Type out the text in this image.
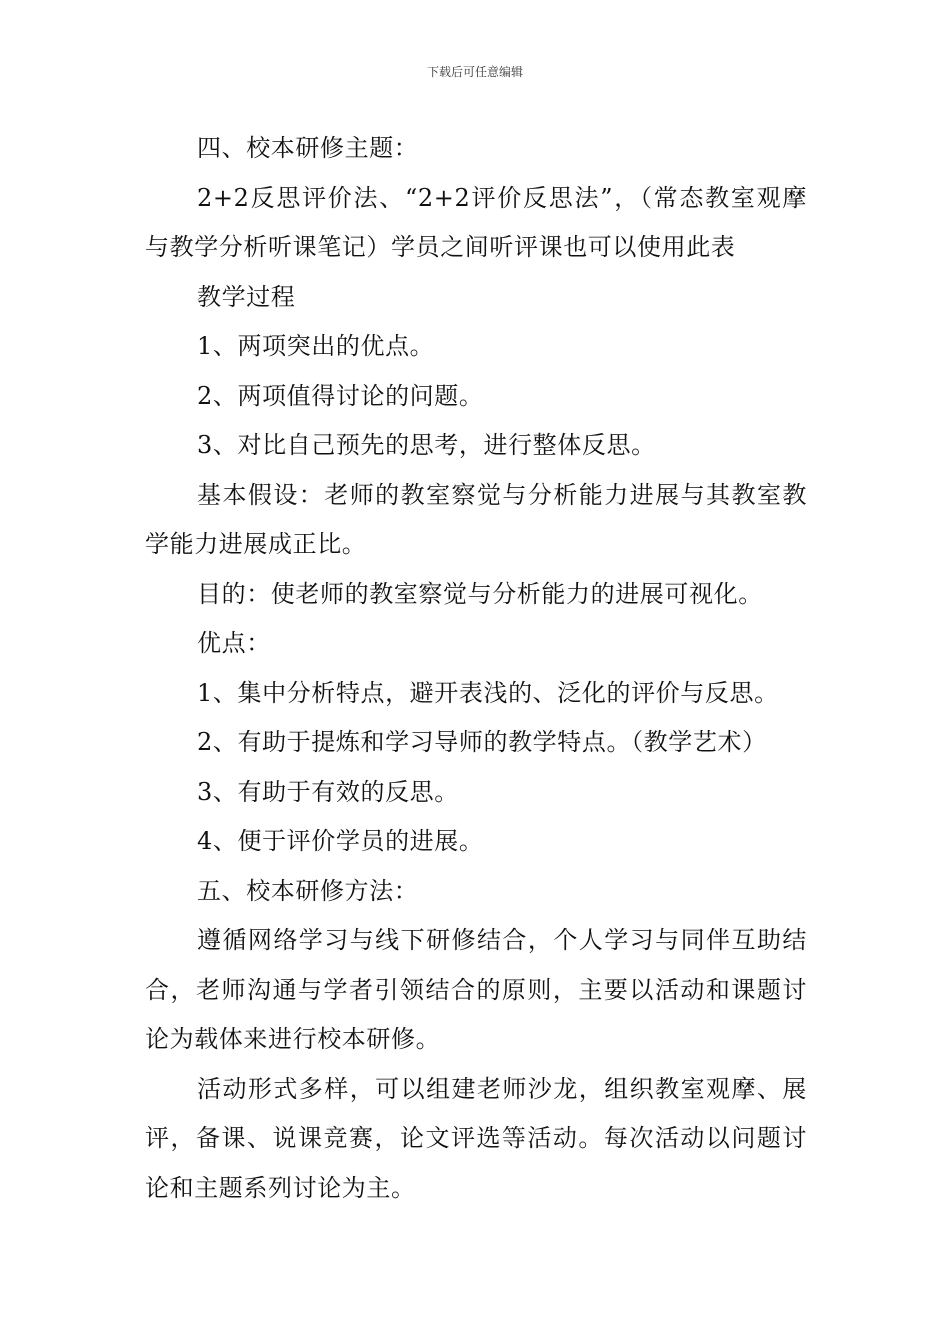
下载后可任意编辑

四、校本研修主题：

2+2反思评价法、“2+2评价反思法”，（常态教室观摩与教学分析听课笔记）学员之间听评课也可以使用此表

教学过程

1、两项突出的优点。

2、两项值得讨论的问题。

3、对比自己预先的思考，进行整体反思。

基本假设：老师的教室察觉与分析能力进展与其教室教学能力进展成正比。

目的：使老师的教室察觉与分析能力的进展可视化。

优点：

1、集中分析特点，避开表浅的、泛化的评价与反思。

2、有助于提炼和学习导师的教学特点。（教学艺术）

3、有助于有效的反思。

4、便于评价学员的进展。

五、校本研修方法：

遵循网络学习与线下研修结合，个人学习与同伴互助结合，老师沟通与学者引领结合的原则，主要以活动和课题讨论为载体来进行校本研修。

活动形式多样，可以组建老师沙龙，组织教室观摩、展评，备课、说课竞赛，论文评选等活动。每次活动以问题讨论和主题系列讨论为主。
